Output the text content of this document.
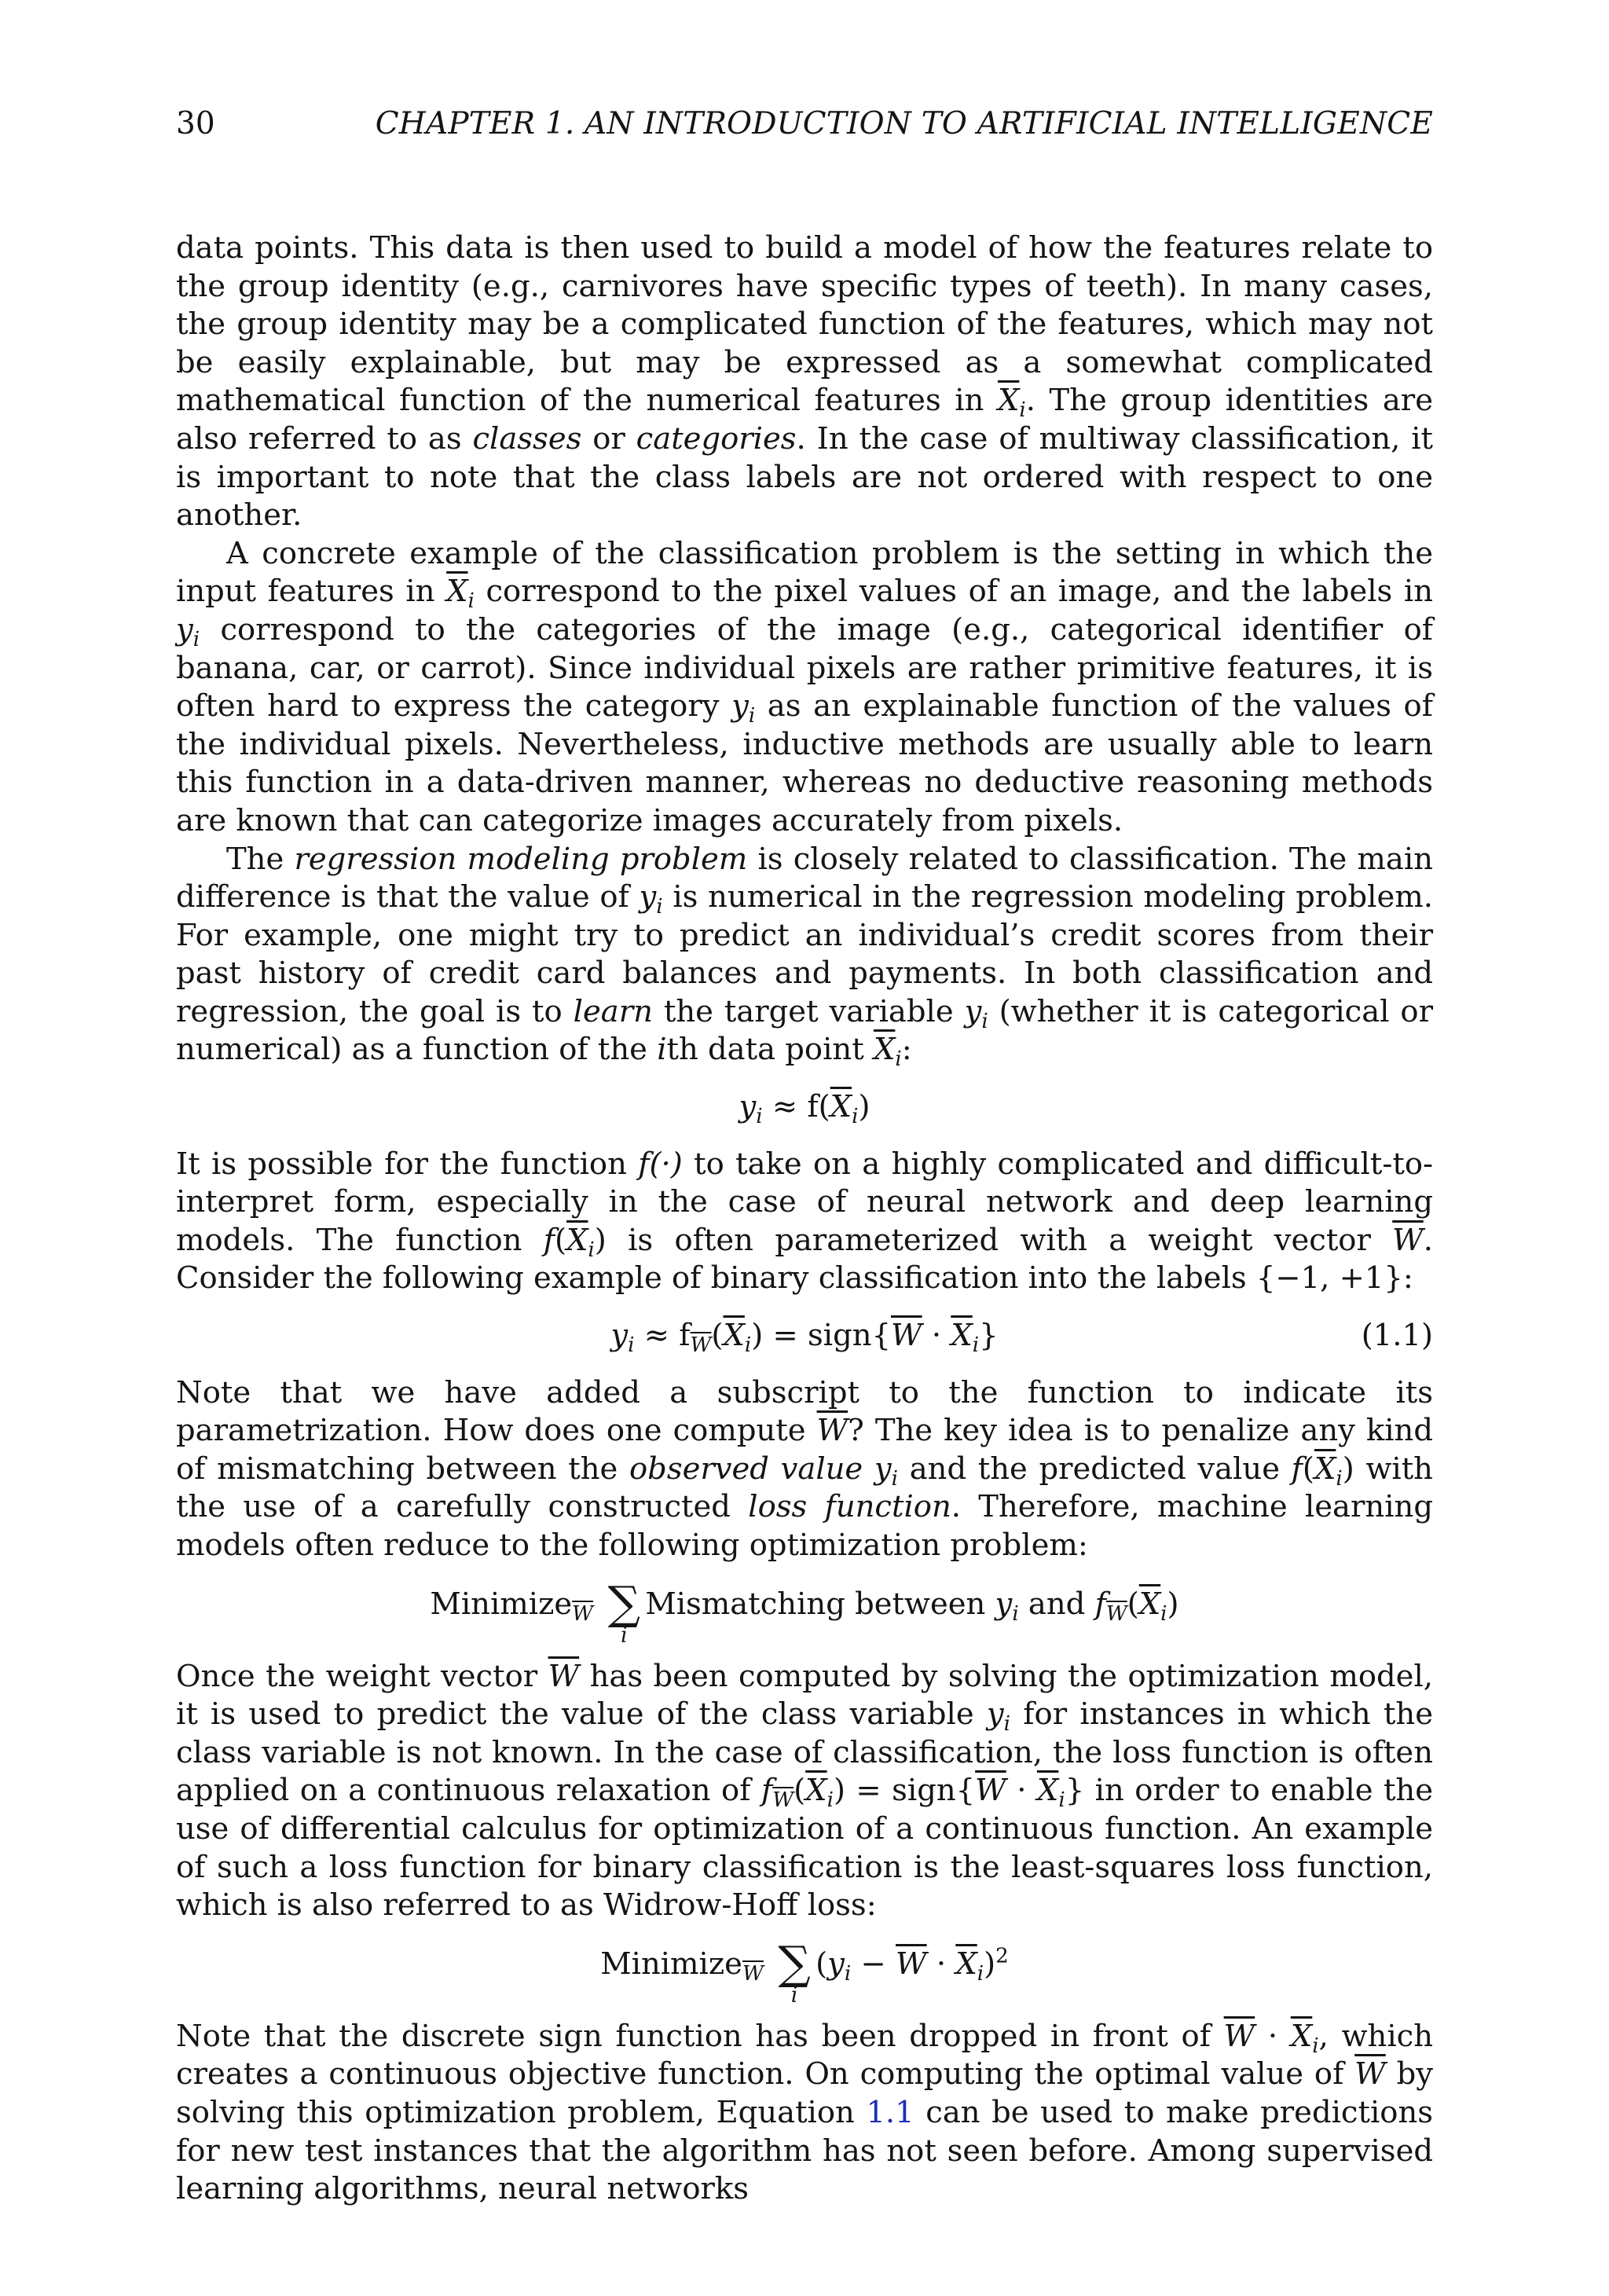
30	CHAPTER 1. AN INTRODUCTION TO ARTIFICIAL INTELLIGENCE

data points. This data is then used to build a model of how the features relate to the group identity (e.g., carnivores have specific types of teeth). In many cases, the group identity may be a complicated function of the features, which may not be easily explainable, but may be expressed as a somewhat complicated mathematical function of the numerical features in $\overline{X}_i$. The group identities are also referred to as classes or categories. In the case of multiway classification, it is important to note that the class labels are not ordered with respect to one another.

A concrete example of the classification problem is the setting in which the input features in $\overline{X}_i$ correspond to the pixel values of an image, and the labels in $y_i$ correspond to the categories of the image (e.g., categorical identifier of banana, car, or carrot). Since individual pixels are rather primitive features, it is often hard to express the category $y_i$ as an explainable function of the values of the individual pixels. Nevertheless, inductive methods are usually able to learn this function in a data-driven manner, whereas no deductive reasoning methods are known that can categorize images accurately from pixels.

The regression modeling problem is closely related to classification. The main difference is that the value of $y_i$ is numerical in the regression modeling problem. For example, one might try to predict an individual’s credit scores from their past history of credit card balances and payments. In both classification and regression, the goal is to learn the target variable $y_i$ (whether it is categorical or numerical) as a function of the ith data point $\overline{X}_i$:

$y_i \approx f(\overline{X}_i)$

It is possible for the function f(·) to take on a highly complicated and difficult-to-interpret form, especially in the case of neural network and deep learning models. The function $f(\overline{X}_i)$ is often parameterized with a weight vector $\overline{W}$. Consider the following example of binary classification into the labels {−1, +1}:

$y_i \approx f_{\overline{W}}(\overline{X}_i)$ = $sign\{\overline{W} \cdot \overline{X}_i\}$	(1.1)

Note that we have added a subscript to the function to indicate its parametrization. How does one compute $\overline{W}$? The key idea is to penalize any kind of mismatching between the observed value $y_i$ and the predicted value $f(\overline{X}_i)$ with the use of a carefully constructed loss function. Therefore, machine learning models often reduce to the following optimization problem:

Minimize$_{\overline{W}}$ ∑
i
Mismatching between $y_i$ and $f_{\overline{W}}(\overline{X}_i)$

Once the weight vector $\overline{W}$ has been computed by solving the optimization model, it is used to predict the value of the class variable $y_i$ for instances in which the class variable is not known. In the case of classification, the loss function is often applied on a continuous relaxation of $f_{\overline{W}}(\overline{X}_i)$ = $sign\{\overline{W} \cdot \overline{X}_i\}$ in order to enable the use of differential calculus for optimization of a continuous function. An example of such a loss function for binary classification is the least-squares loss function, which is also referred to as Widrow-Hoff loss:

Minimize$_{\overline{W}}$ ∑
i
$(y_i - \overline{W} \cdot \overline{X}_i)^2$

Note that the discrete sign function has been dropped in front of $\overline{W} \cdot \overline{X}_i$, which creates a continuous objective function. On computing the optimal value of $\overline{W}$ by solving this optimization problem, Equation 1.1 can be used to make predictions for new test instances that the algorithm has not seen before. Among supervised learning algorithms, neural networks
